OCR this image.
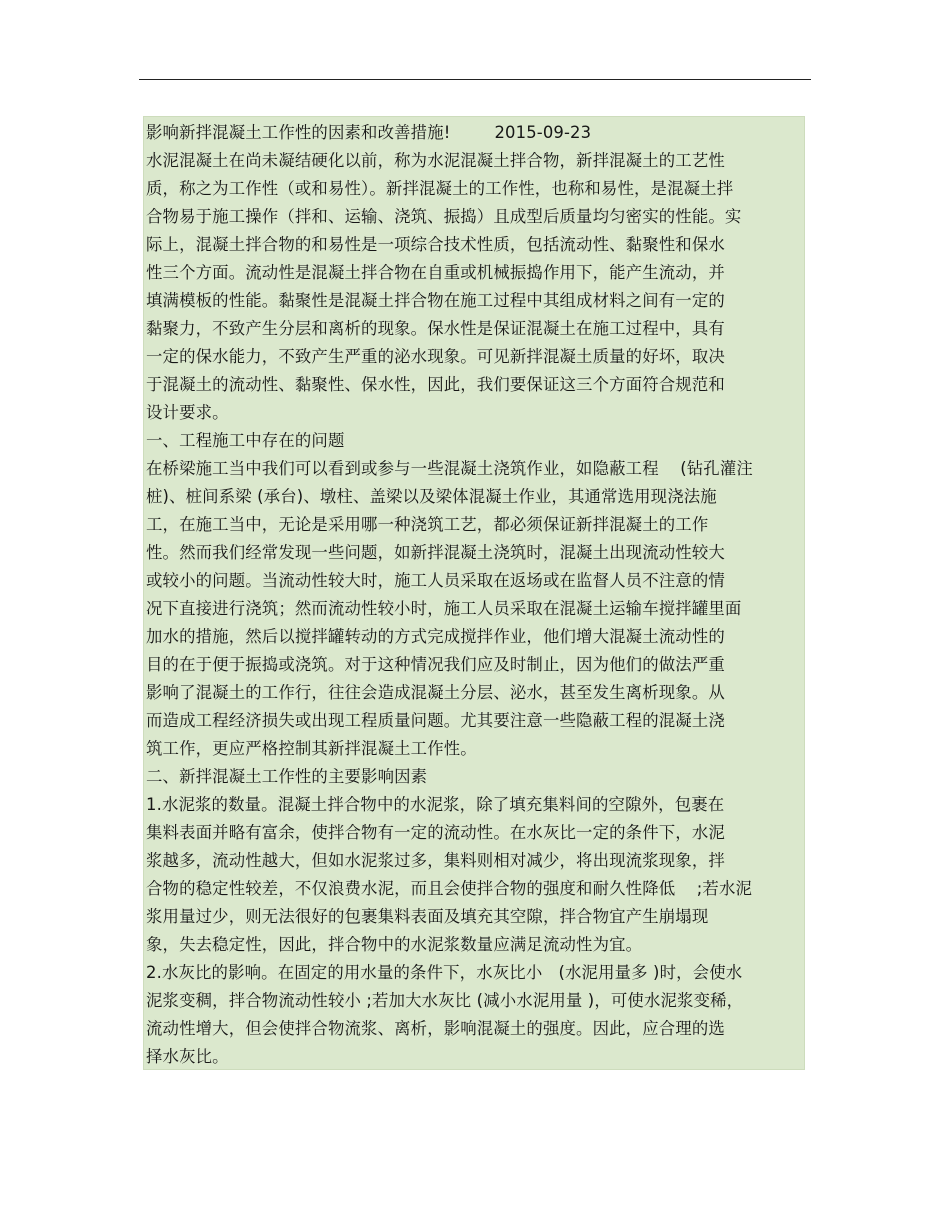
影响新拌混凝土工作性的因素和改善措施!	2015-09-23
水泥混凝土在尚未凝结硬化以前，称为水泥混凝土拌合物，新拌混凝土的工艺性
质，称之为工作性（或和易性）。新拌混凝土的工作性，也称和易性，是混凝土拌
合物易于施工操作（拌和、运输、浇筑、振捣）且成型后质量均匀密实的性能。实
际上，混凝土拌合物的和易性是一项综合技术性质，包括流动性、黏聚性和保水
性三个方面。流动性是混凝土拌合物在自重或机械振捣作用下，能产生流动，并
填满模板的性能。黏聚性是混凝土拌合物在施工过程中其组成材料之间有一定的
黏聚力，不致产生分层和离析的现象。保水性是保证混凝土在施工过程中，具有
一定的保水能力，不致产生严重的泌水现象。可见新拌混凝土质量的好坏，取决
于混凝土的流动性、黏聚性、保水性，因此，我们要保证这三个方面符合规范和
设计要求。
一、工程施工中存在的问题
在桥梁施工当中我们可以看到或参与一些混凝土浇筑作业，如隐蔽工程    (钻孔灌注
桩)、桩间系梁 (承台)、墩柱、盖梁以及梁体混凝土作业，其通常选用现浇法施
工，在施工当中，无论是采用哪一种浇筑工艺，都必须保证新拌混凝土的工作
性。然而我们经常发现一些问题，如新拌混凝土浇筑时，混凝土出现流动性较大
或较小的问题。当流动性较大时，施工人员采取在返场或在监督人员不注意的情
况下直接进行浇筑；然而流动性较小时，施工人员采取在混凝土运输车搅拌罐里面
加水的措施，然后以搅拌罐转动的方式完成搅拌作业，他们增大混凝土流动性的
目的在于便于振捣或浇筑。对于这种情况我们应及时制止，因为他们的做法严重
影响了混凝土的工作行，往往会造成混凝土分层、泌水，甚至发生离析现象。从
而造成工程经济损失或出现工程质量问题。尤其要注意一些隐蔽工程的混凝土浇
筑工作，更应严格控制其新拌混凝土工作性。
二、新拌混凝土工作性的主要影响因素
1.水泥浆的数量。混凝土拌合物中的水泥浆，除了填充集料间的空隙外，包裹在
集料表面并略有富余，使拌合物有一定的流动性。在水灰比一定的条件下，水泥
浆越多，流动性越大，但如水泥浆过多，集料则相对减少，将出现流浆现象，拌
合物的稳定性较差，不仅浪费水泥，而且会使拌合物的强度和耐久性降低    ;若水泥
浆用量过少，则无法很好的包裹集料表面及填充其空隙，拌合物宜产生崩塌现
象，失去稳定性，因此，拌合物中的水泥浆数量应满足流动性为宜。
2.水灰比的影响。在固定的用水量的条件下，水灰比小   (水泥用量多 )时，会使水
泥浆变稠，拌合物流动性较小 ;若加大水灰比 (减小水泥用量 )，可使水泥浆变稀，
流动性增大，但会使拌合物流浆、离析，影响混凝土的强度。因此，应合理的选
择水灰比。
